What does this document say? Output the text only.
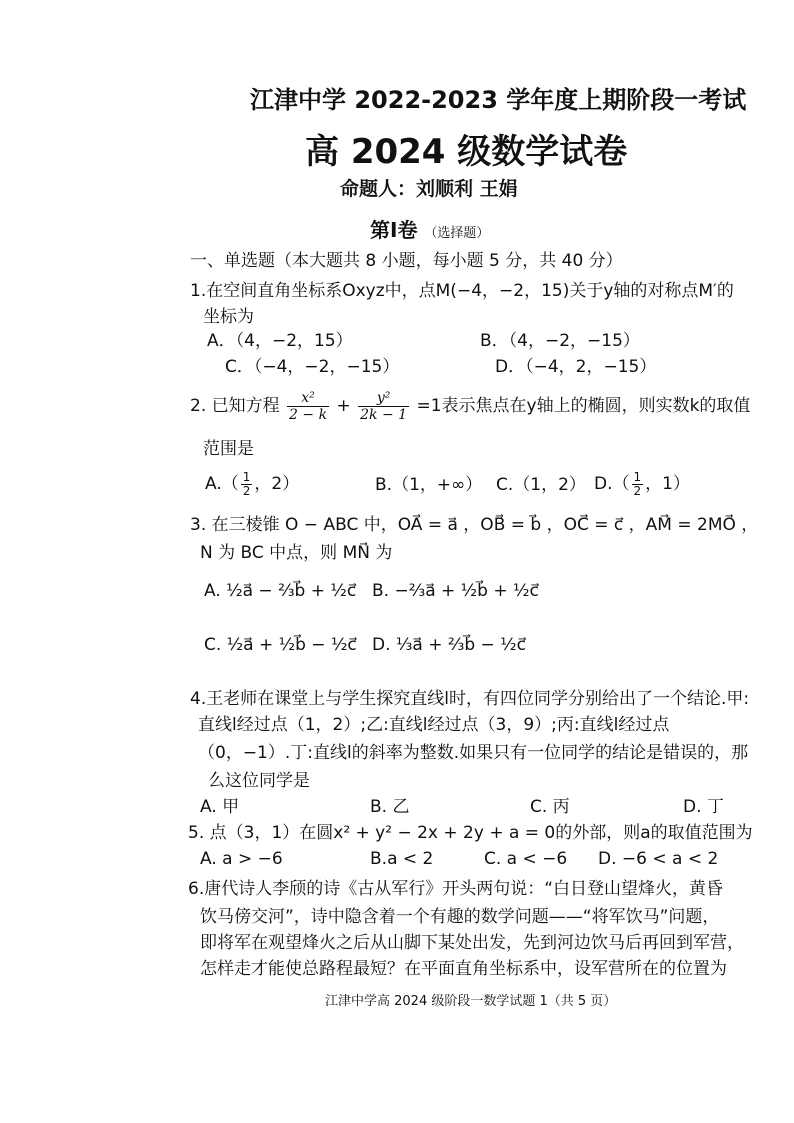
江津中学 2022-2023 学年度上期阶段一考试
高 2024 级数学试卷
命题人：刘顺利 王娟
第Ⅰ卷 （选择题）
一、单选题（本大题共 8 小题，每小题 5 分，共 40 分）
1.在空间直角坐标系Oxyz中，点M(−4，−2，15)关于y轴的对称点M′的
坐标为
A．（4，−2，15）	B．（4，−2，−15）
C．（−4，−2，−15）	D．（−4，2，−15）
2. 已知方程 $\frac{\text{x²}}{2 - k} + \frac{\text{y²}}{2k - 1} =1$表示焦点在y轴上的椭圆，则实数k的取值
范围是
$A.( \frac{1}{2}$ ，2）	B.（1，+∞） C.（1，2） $D.( \frac{1}{2}$ ，1）
3. 在三棱锥 O − ABC 中，OA⃗ = a⃗ ，OB⃗ = b⃗ ，OC⃗ = c⃗ ，AM⃗ = 2MO⃗ ，
N 为 BC 中点，则 MN⃗ 为
A. ½a⃗ − ⅔b⃗ + ½c⃗ B. −⅔a⃗ + ½b⃗ + ½c⃗
C. ½a⃗ + ½b⃗ − ½c⃗ D. ⅓a⃗ + ⅔b⃗ − ½c⃗
4.王老师在课堂上与学生探究直线l时，有四位同学分别给出了一个结论.甲:
直线l经过点（1，2）;乙:直线l经过点（3，9）;丙:直线l经过点
（0，−1）.丁:直线l的斜率为整数.如果只有一位同学的结论是错误的，那
么这位同学是
A. 甲	B. 乙	C. 丙	D. 丁
5. 点（3，1）在圆x² + y² − 2x + 2y + a = 0的外部，则a的取值范围为
A. a > −6	B.a < 2	C. a < −6 D. −6 < a < 2
6.唐代诗人李颀的诗《古从军行》开头两句说：“白日登山望烽火，黄昏
饮马傍交河”，诗中隐含着一个有趣的数学问题——“将军饮马”问题，
即将军在观望烽火之后从山脚下某处出发，先到河边饮马后再回到军营，
怎样走才能使总路程最短？在平面直角坐标系中，设军营所在的位置为
江津中学高 2024 级阶段一数学试题 1（共 5 页）
